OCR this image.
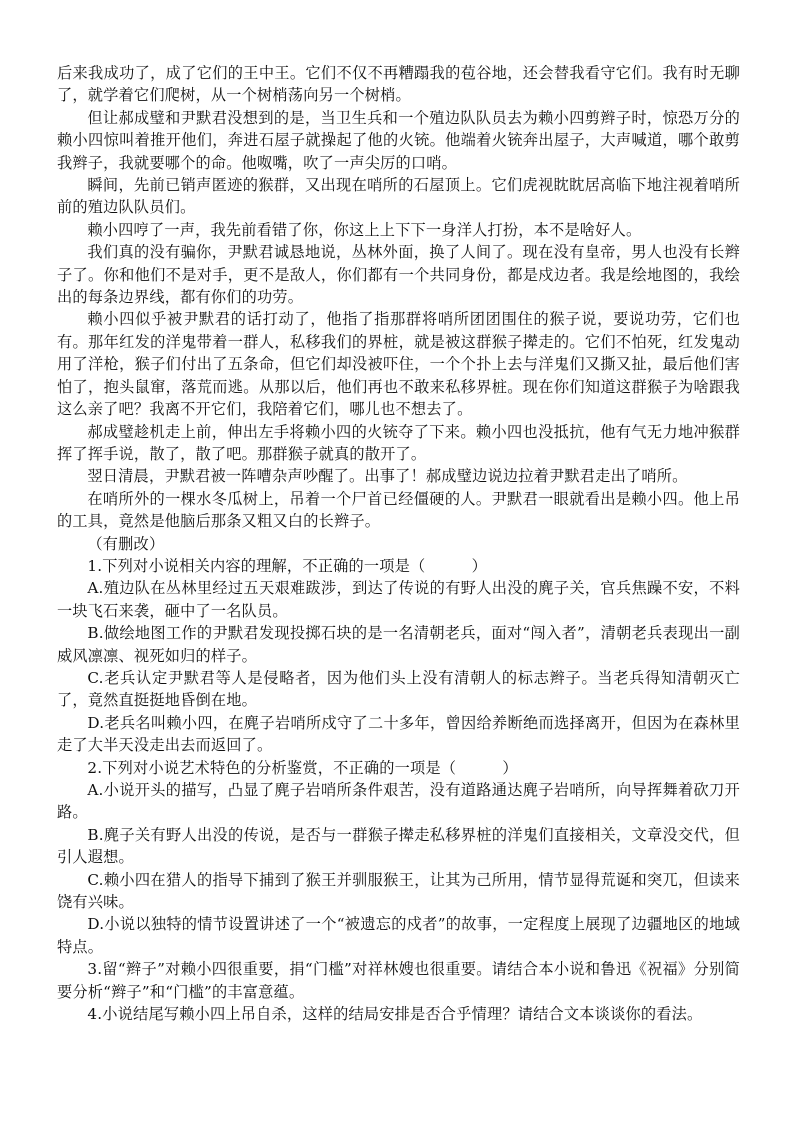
后来我成功了，成了它们的王中王。它们不仅不再糟蹋我的苞谷地，还会替我看守它们。我有时无聊了，就学着它们爬树，从一个树梢荡向另一个树梢。

但让郝成璧和尹默君没想到的是，当卫生兵和一个殖边队队员去为赖小四剪辫子时，惊恐万分的赖小四惊叫着推开他们，奔进石屋子就操起了他的火铳。他端着火铳奔出屋子，大声喊道，哪个敢剪我辫子，我就要哪个的命。他呶嘴，吹了一声尖厉的口哨。

瞬间，先前已销声匿迹的猴群，又出现在哨所的石屋顶上。它们虎视眈眈居高临下地注视着哨所前的殖边队队员们。

赖小四哼了一声，我先前看错了你，你这上上下下一身洋人打扮，本不是啥好人。

我们真的没有骗你，尹默君诚恳地说，丛林外面，换了人间了。现在没有皇帝，男人也没有长辫子了。你和他们不是对手，更不是敌人，你们都有一个共同身份，都是戍边者。我是绘地图的，我绘出的每条边界线，都有你们的功劳。

赖小四似乎被尹默君的话打动了，他指了指那群将哨所团团围住的猴子说，要说功劳，它们也有。那年红发的洋鬼带着一群人，私移我们的界桩，就是被这群猴子撵走的。它们不怕死，红发鬼动用了洋枪，猴子们付出了五条命，但它们却没被吓住，一个个扑上去与洋鬼们又撕又扯，最后他们害怕了，抱头鼠窜，落荒而逃。从那以后，他们再也不敢来私移界桩。现在你们知道这群猴子为啥跟我这么亲了吧？我离不开它们，我陪着它们，哪儿也不想去了。

郝成璧趁机走上前，伸出左手将赖小四的火铳夺了下来。赖小四也没抵抗，他有气无力地冲猴群挥了挥手说，散了，散了吧。那群猴子就真的散开了。

翌日清晨，尹默君被一阵嘈杂声吵醒了。出事了！郝成璧边说边拉着尹默君走出了哨所。

在哨所外的一棵水冬瓜树上，吊着一个尸首已经僵硬的人。尹默君一眼就看出是赖小四。他上吊的工具，竟然是他脑后那条又粗又白的长辫子。

（有删改）

1.下列对小说相关内容的理解，不正确的一项是（　　　）

A.殖边队在丛林里经过五天艰难跋涉，到达了传说的有野人出没的麂子关，官兵焦躁不安，不料一块飞石来袭，砸中了一名队员。

B.做绘地图工作的尹默君发现投掷石块的是一名清朝老兵，面对“闯入者”，清朝老兵表现出一副威风凛凛、视死如归的样子。

C.老兵认定尹默君等人是侵略者，因为他们头上没有清朝人的标志辫子。当老兵得知清朝灭亡了，竟然直挺挺地昏倒在地。

D.老兵名叫赖小四，在麂子岩哨所戍守了二十多年，曾因给养断绝而选择离开，但因为在森林里走了大半天没走出去而返回了。

2.下列对小说艺术特色的分析鉴赏，不正确的一项是（　　　）

A.小说开头的描写，凸显了麂子岩哨所条件艰苦，没有道路通达麂子岩哨所，向导挥舞着砍刀开路。

B.麂子关有野人出没的传说，是否与一群猴子撵走私移界桩的洋鬼们直接相关，文章没交代，但引人遐想。

C.赖小四在猎人的指导下捕到了猴王并驯服猴王，让其为己所用，情节显得荒诞和突兀，但读来饶有兴味。

D.小说以独特的情节设置讲述了一个“被遗忘的戍者”的故事，一定程度上展现了边疆地区的地域特点。

3.留“辫子”对赖小四很重要，捐“门槛”对祥林嫂也很重要。请结合本小说和鲁迅《祝福》分别简要分析“辫子”和“门槛”的丰富意蕴。

4.小说结尾写赖小四上吊自杀，这样的结局安排是否合乎情理？请结合文本谈谈你的看法。
